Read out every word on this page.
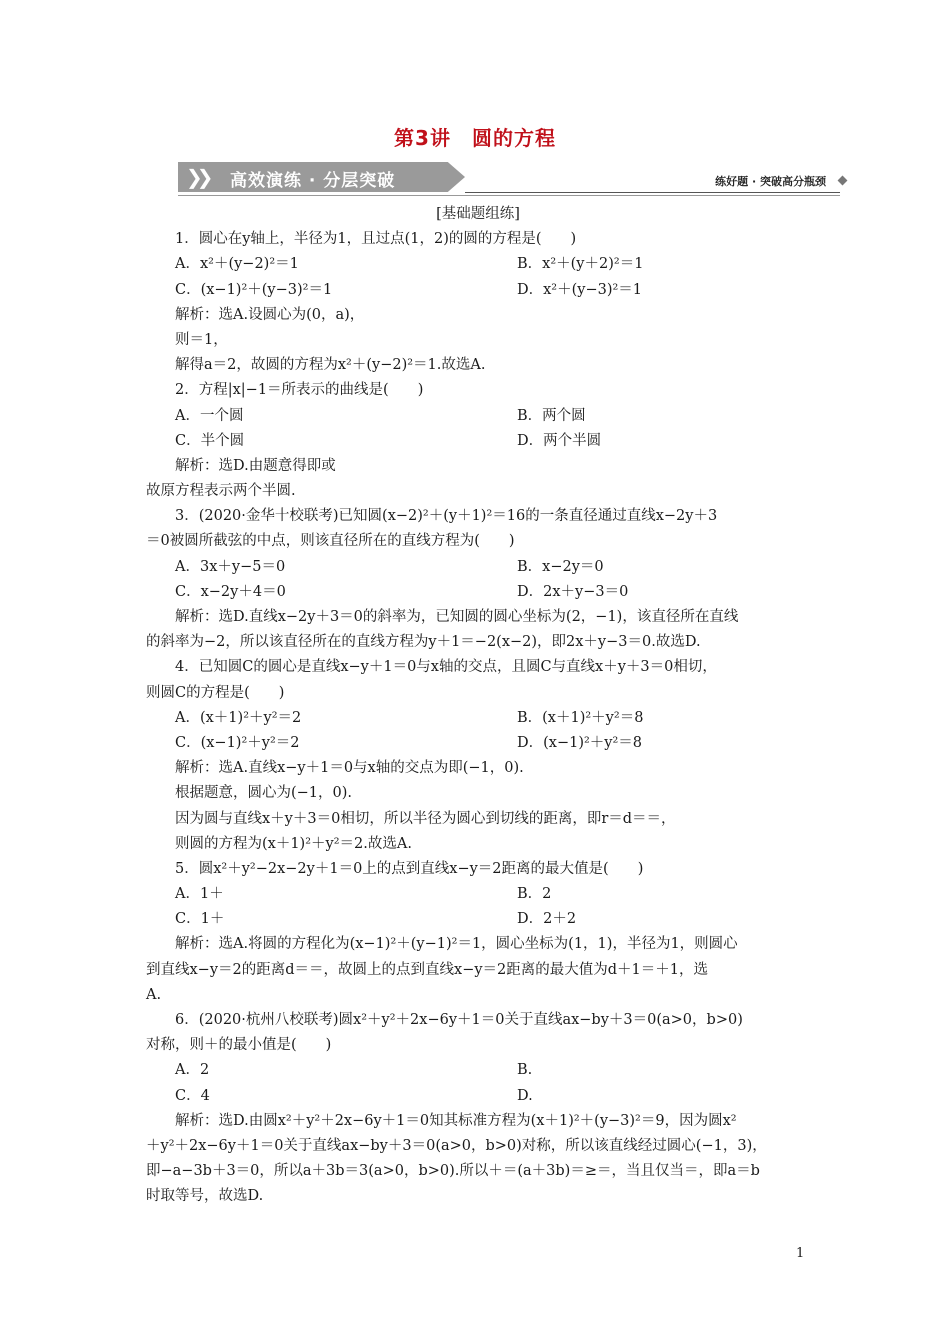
第3讲　圆的方程
❯❯ 高效演练 · 分层突破	练好题 · 突破高分瓶颈
[基础题组练]
1．圆心在y轴上，半径为1，且过点(1，2)的圆的方程是(　　)
A．x²＋(y−2)²＝1	B．x²＋(y＋2)²＝1
C．(x−1)²＋(y−3)²＝1	D．x²＋(y−3)²＝1
解析：选A.设圆心为(0，a)，
则＝1，
解得a＝2，故圆的方程为x²＋(y−2)²＝1.故选A.
2．方程|x|−1＝所表示的曲线是(　　)
A．一个圆	B．两个圆
C．半个圆	D．两个半圆
解析：选D.由题意得即或
故原方程表示两个半圆.
3．(2020·金华十校联考)已知圆(x−2)²＋(y＋1)²＝16的一条直径通过直线x−2y＋3
＝0被圆所截弦的中点，则该直径所在的直线方程为(　　)
A．3x＋y−5＝0	B．x−2y＝0
C．x−2y＋4＝0	D．2x＋y−3＝0
解析：选D.直线x−2y＋3＝0的斜率为，已知圆的圆心坐标为(2，−1)，该直径所在直线
的斜率为−2，所以该直径所在的直线方程为y＋1＝−2(x−2)，即2x＋y−3＝0.故选D.
4．已知圆C的圆心是直线x−y＋1＝0与x轴的交点，且圆C与直线x＋y＋3＝0相切，
则圆C的方程是(　　)
A．(x＋1)²＋y²＝2	B．(x＋1)²＋y²＝8
C．(x−1)²＋y²＝2	D．(x−1)²＋y²＝8
解析：选A.直线x−y＋1＝0与x轴的交点为即(−1，0).
根据题意，圆心为(−1，0).
因为圆与直线x＋y＋3＝0相切，所以半径为圆心到切线的距离，即r＝d＝＝，
则圆的方程为(x＋1)²＋y²＝2.故选A.
5．圆x²＋y²−2x−2y＋1＝0上的点到直线x−y＝2距离的最大值是(　　)
A．1＋	B．2
C．1＋	D．2＋2
解析：选A.将圆的方程化为(x−1)²＋(y−1)²＝1，圆心坐标为(1，1)，半径为1，则圆心
到直线x−y＝2的距离d＝＝，故圆上的点到直线x−y＝2距离的最大值为d＋1＝＋1，选
A.
6．(2020·杭州八校联考)圆x²＋y²＋2x−6y＋1＝0关于直线ax−by＋3＝0(a>0，b>0)
对称，则＋的最小值是(　　)
A．2	B.
C．4	D.
解析：选D.由圆x²＋y²＋2x−6y＋1＝0知其标准方程为(x＋1)²＋(y−3)²＝9，因为圆x²
＋y²＋2x−6y＋1＝0关于直线ax−by＋3＝0(a>0，b>0)对称，所以该直线经过圆心(−1，3)，
即−a−3b＋3＝0，所以a＋3b＝3(a>0，b>0).所以＋＝(a＋3b)＝≥＝，当且仅当＝，即a＝b
时取等号，故选D.
1
